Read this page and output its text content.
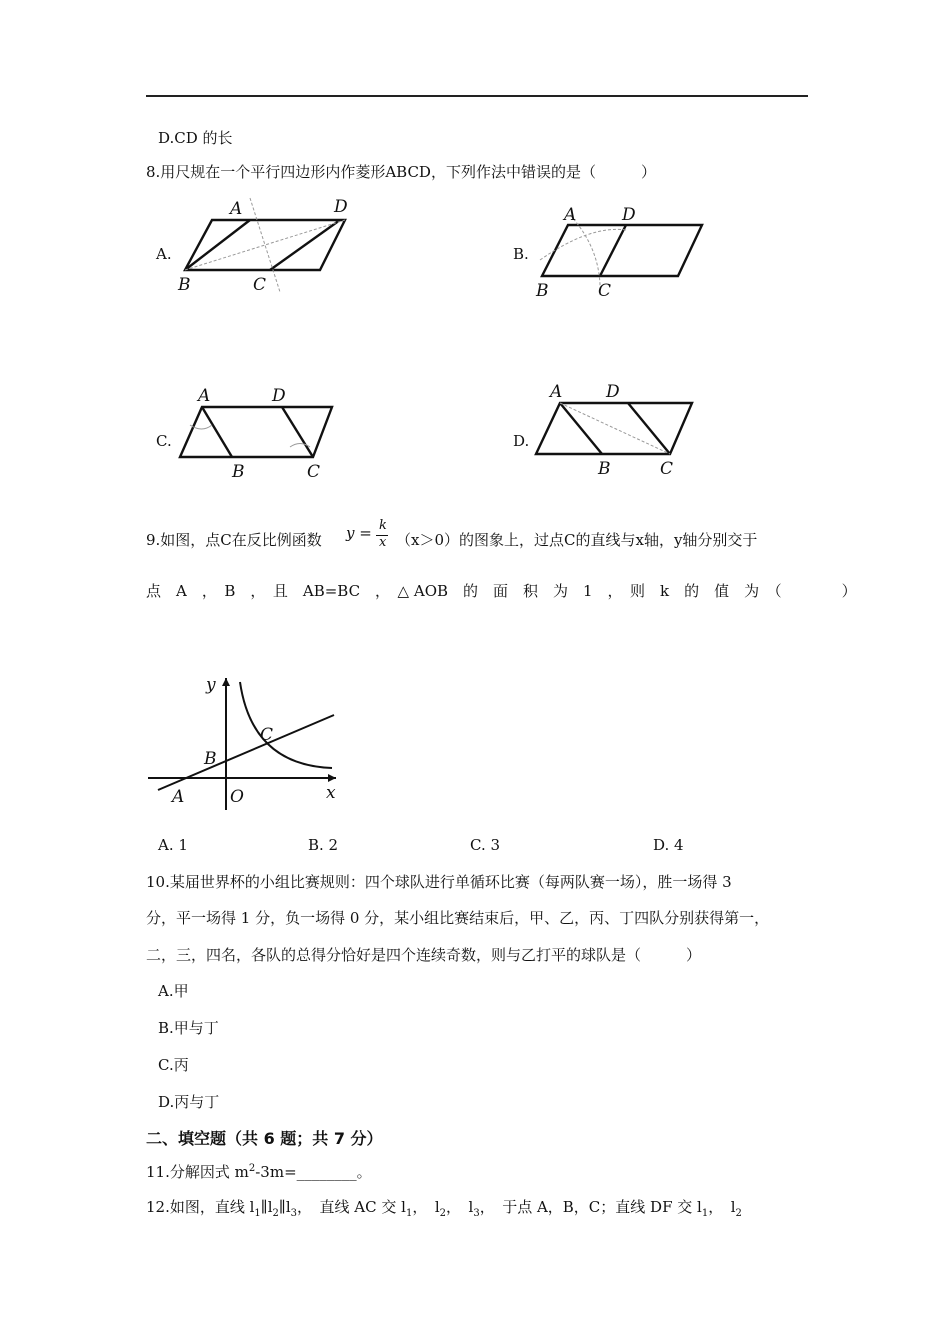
D.CD 的长
8.用尺规在一个平行四边形内作菱形ABCD，下列作法中错误的是（　　　）
A.
A	D
B	C
B.
A	D
B	C
C.
A	D
B	C
D.
A	D
B	C
9.如图，点C在反比例函数 y = k
x （x＞0）的图象上，过点C的直线与x轴，y轴分别交于
点　A　，　B　，　且　AB=BC　，　△ AOB　的　面　积　为　1　，　则　k　的　值　为　（　　　　）
y
x
A
B
C
O
A. 1	B. 2	C. 3	D. 4
10.某届世界杯的小组比赛规则：四个球队进行单循环比赛（每两队赛一场），胜一场得 3
分，平一场得 1 分，负一场得 0 分，某小组比赛结束后，甲、乙，丙、丁四队分别获得第一，
二，三，四名，各队的总得分恰好是四个连续奇数，则与乙打平的球队是（　　　）
A.甲
B.甲与丁
C.丙
D.丙与丁
二、填空题（共 6 题；共 7 分）
11.分解因式 $m^2-3m=\_\_\_\_\_\_\_\_$。
12.如图，直线 $l_1\parallel l_2\parallel l_3$，　直线 AC 交 $l_1$，　$l_2$，　$l_3$，　于点 A，B，C；直线 DF 交 $l_1$，　$l_2$
